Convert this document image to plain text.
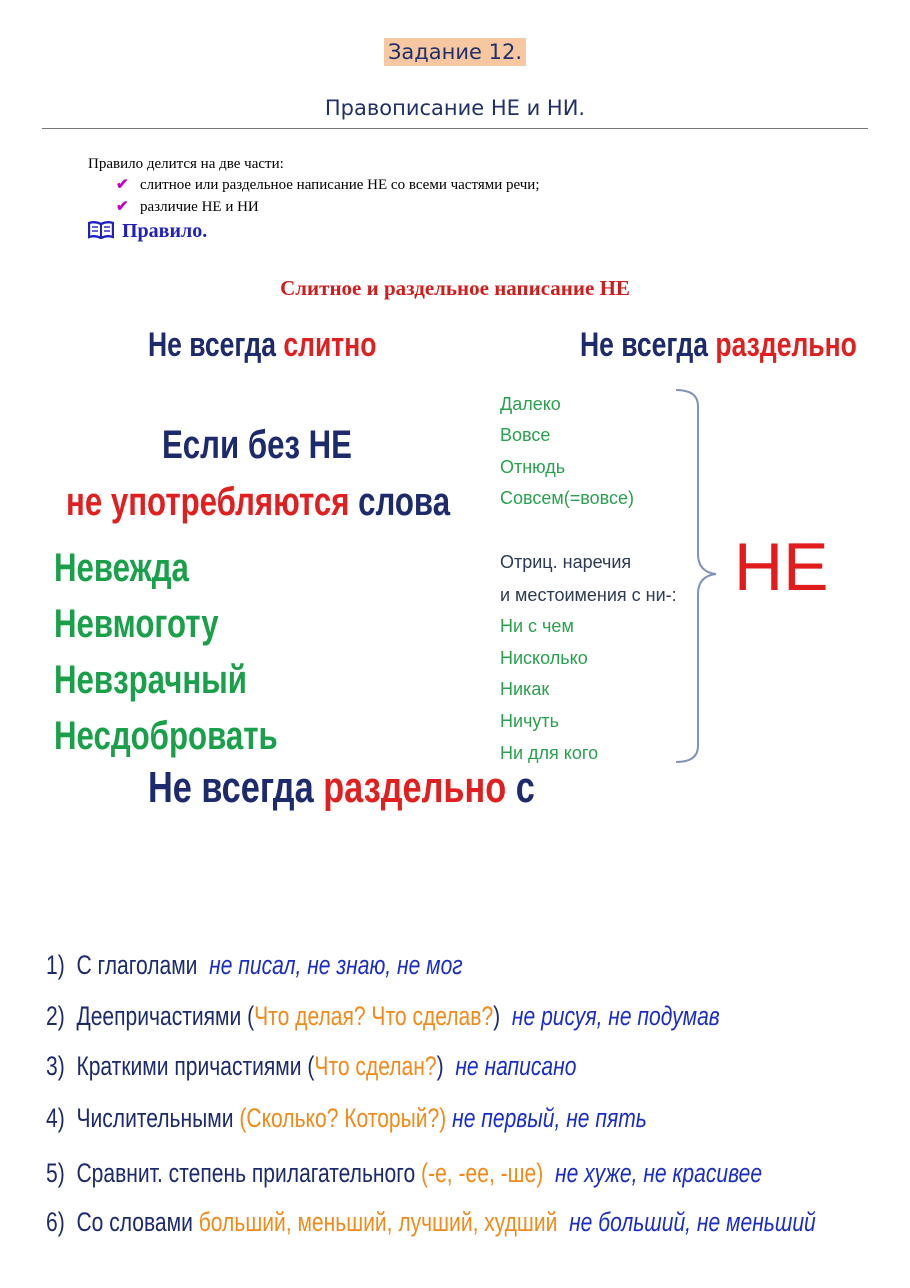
Задание 12.
Правописание НЕ и НИ.
Правило делится на две части:
✔ слитное или раздельное написание НЕ со всеми частями речи;
✔ различие НЕ и НИ
Правило.
Слитное и раздельное написание НЕ
Не всегда слитно
Если без НЕ
не употребляются слова
Невежда
Невмоготу
Невзрачный
Несдобровать
Не всегда раздельно
Далеко
Вовсе
Отнюдь
Совсем(=вовсе)
Отриц. наречия
и местоимения с ни-:
Ни с чем
Нисколько
Никак
Ничуть
Ни для кого
НЕ
Не всегда раздельно с
1) С глаголами не писал, не знаю, не мог
2) Деепричастиями (Что делая? Что сделав?) не рисуя, не подумав
3) Краткими причастиями (Что сделан?) не написано
4) Числительными (Сколько? Который?) не первый, не пять
5) Сравнит. степень прилагательного (-е, -ее, -ше) не хуже, не красивее
6) Со словами больший, меньший, лучший, худший не больший, не меньший
